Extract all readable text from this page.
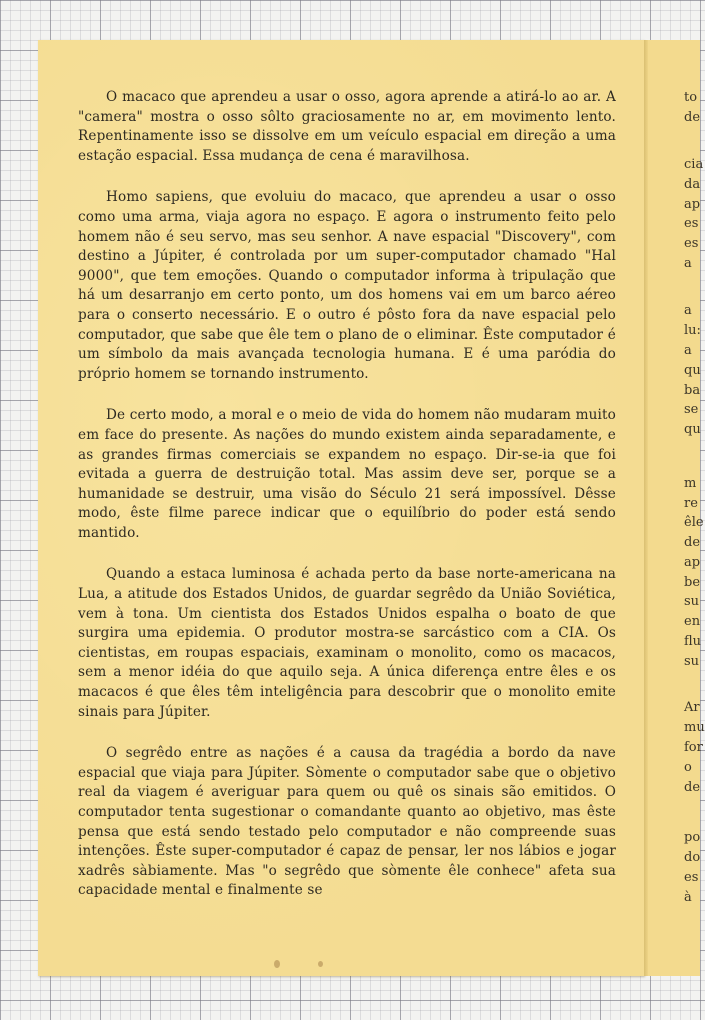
O macaco que aprendeu a usar o osso, agora aprende a atirá-lo ao ar. A "camera" mostra o osso sôlto graciosamente no ar, em movimento lento. Repentinamente isso se dissolve em um veículo espacial em direção a uma estação espacial. Essa mudança de cena é maravilhosa.

Homo sapiens, que evoluiu do macaco, que aprendeu a usar o osso como uma arma, viaja agora no espaço. E agora o instrumento feito pelo homem não é seu servo, mas seu senhor. A nave espacial "Discovery", com destino a Júpiter, é controlada por um super-computador chamado "Hal 9000", que tem emoções. Quando o computador informa à tripulação que há um desarranjo em certo ponto, um dos homens vai em um barco aéreo para o conserto necessário. E o outro é pôsto fora da nave espacial pelo computador, que sabe que êle tem o plano de o eliminar. Êste computador é um símbolo da mais avançada tecnologia humana. E é uma paródia do próprio homem se tornando instrumento.

De certo modo, a moral e o meio de vida do homem não mudaram muito em face do presente. As nações do mundo existem ainda separadamente, e as grandes firmas comerciais se expandem no espaço. Dir-se-ia que foi evitada a guerra de destruição total. Mas assim deve ser, porque se a humanidade se destruir, uma visão do Século 21 será impossível. Dêsse modo, êste filme parece indicar que o equilíbrio do poder está sendo mantido.

Quando a estaca luminosa é achada perto da base norte-americana na Lua, a atitude dos Estados Unidos, de guardar segrêdo da União Soviética, vem à tona. Um cientista dos Estados Unidos espalha o boato de que surgira uma epidemia. O produtor mostra-se sarcástico com a CIA. Os cientistas, em roupas espaciais, examinam o monolito, como os macacos, sem a menor idéia do que aquilo seja. A única diferença entre êles e os macacos é que êles têm inteligência para descobrir que o monolito emite sinais para Júpiter.

O segrêdo entre as nações é a causa da tragédia a bordo da nave espacial que viaja para Júpiter. Sòmente o computador sabe que o objetivo real da viagem é averiguar para quem ou quê os sinais são emitidos. O computador tenta sugestionar o comandante quanto ao objetivo, mas êste pensa que está sendo testado pelo computador e não compreende suas intenções. Êste super-computador é capaz de pensar, ler nos lábios e jogar xadrês sàbiamente. Mas "o segrêdo que sòmente êle conhece" afeta sua capacidade mental e finalmente se

to
de
cia
da
ap
es
es
a
a
lu:
a
qu
ba
se
qu
m
re
êle
de
ap
be
su
en
flu
su
Ar
mu
for
o
de
po
do
es
à
